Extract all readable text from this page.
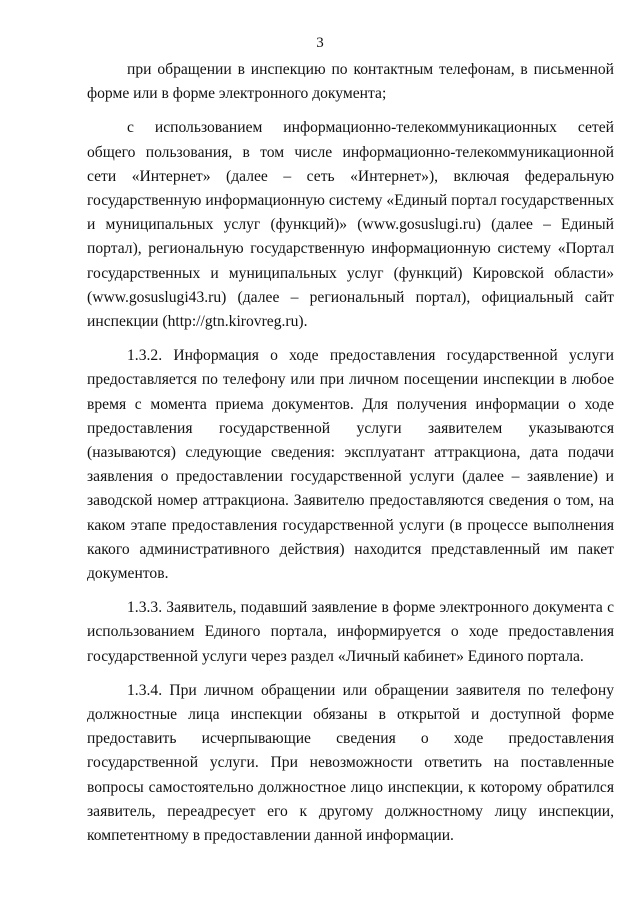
3

при обращении в инспекцию по контактным телефонам, в письменной форме или в форме электронного документа;

с использованием информационно-телекоммуникационных сетей общего пользования, в том числе информационно-телекоммуникационной сети «Интернет» (далее – сеть «Интернет»), включая федеральную государственную информационную систему «Единый портал государственных и муниципальных услуг (функций)» (www.gosuslugi.ru) (далее – Единый портал), региональную государственную информационную систему «Портал государственных и муниципальных услуг (функций) Кировской области» (www.gosuslugi43.ru) (далее – региональный портал), официальный сайт инспекции (http://gtn.kirovreg.ru).

1.3.2. Информация о ходе предоставления государственной услуги предоставляется по телефону или при личном посещении инспекции в любое время с момента приема документов. Для получения информации о ходе предоставления государственной услуги заявителем указываются (называются) следующие сведения: эксплуатант аттракциона, дата подачи заявления о предоставлении государственной услуги (далее – заявление) и заводской номер аттракциона. Заявителю предоставляются сведения о том, на каком этапе предоставления государственной услуги (в процессе выполнения какого административного действия) находится представленный им пакет документов.

1.3.3. Заявитель, подавший заявление в форме электронного документа с использованием Единого портала, информируется о ходе предоставления государственной услуги через раздел «Личный кабинет» Единого портала.

1.3.4. При личном обращении или обращении заявителя по телефону должностные лица инспекции обязаны в открытой и доступной форме предоставить исчерпывающие сведения о ходе предоставления государственной услуги. При невозможности ответить на поставленные вопросы самостоятельно должностное лицо инспекции, к которому обратился заявитель, переадресует его к другому должностному лицу инспекции, компетентному в предоставлении данной информации.
